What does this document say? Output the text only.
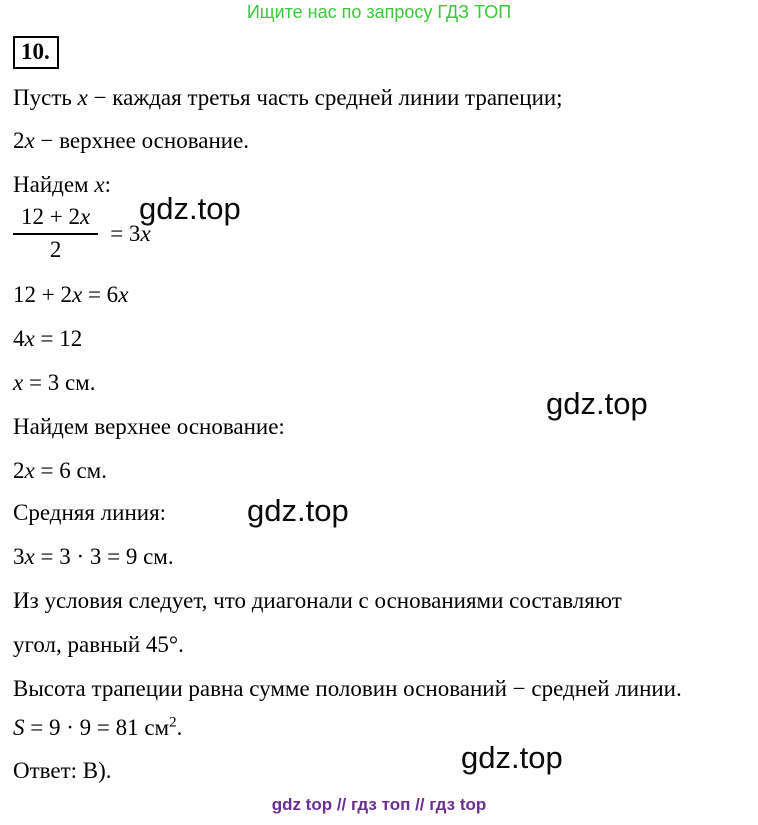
Ищите нас по запросу ГДЗ ТОП
10.
Пусть x − каждая третья часть средней линии трапеции;
2x − верхнее основание.
Найдем x:
$\frac{12 + 2x}{2} = 3x$
12 + 2x = 6x
4x = 12
x = 3 см.
Найдем верхнее основание:
2x = 6 см.
Средняя линия:
3x = 3 · 3 = 9 см.
Из условия следует, что диагонали с основаниями составляют
угол, равный 45°.
Высота трапеции равна сумме половин оснований − средней линии.
S = 9 · 9 = 81 $см^2$.
Ответ: В).
gdz.top
gdz.top
gdz.top
gdz.top
gdz top // гдз топ // гдз top
